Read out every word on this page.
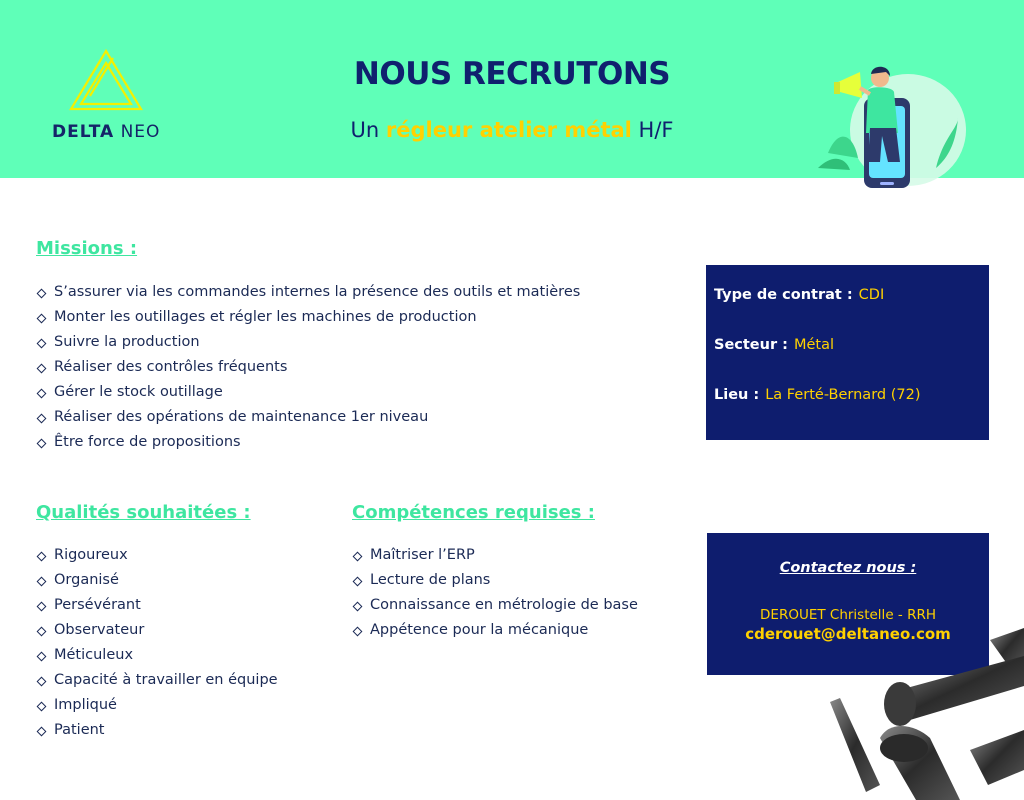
DELTA NEO
NOUS RECRUTONS
Un régleur atelier métal H/F
Missions :
S’assurer via les commandes internes la présence des outils et matières
Monter les outillages et régler les machines de production
Suivre la production
Réaliser des contrôles fréquents
Gérer le stock outillage
Réaliser des opérations de maintenance 1er niveau
Être force de propositions
Qualités souhaitées :
Rigoureux
Organisé
Persévérant
Observateur
Méticuleux
Capacité à travailler en équipe
Impliqué
Patient
Compétences requises :
Maîtriser l’ERP
Lecture de plans
Connaissance en métrologie de base
Appétence pour la mécanique
Type de contrat : CDI
Secteur : Métal
Lieu : La Ferté-Bernard (72)
Contactez nous :
DEROUET Christelle - RRH
cderouet@deltaneo.com
